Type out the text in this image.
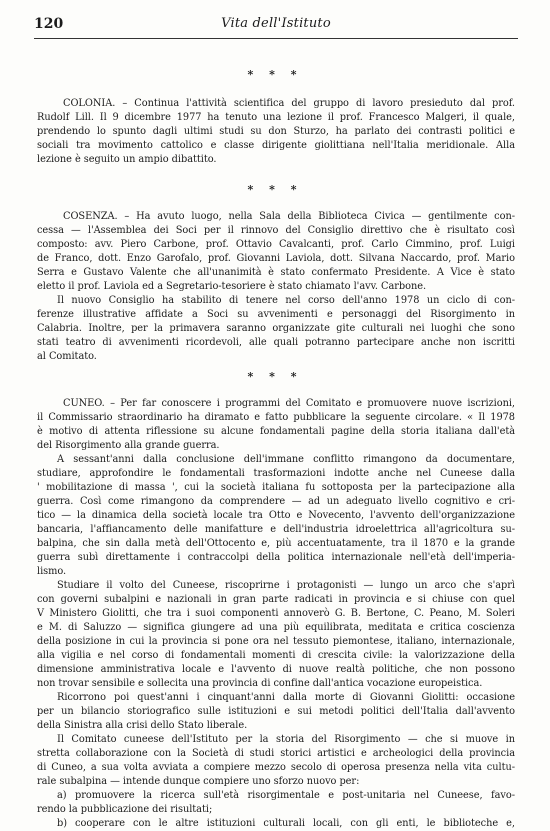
120	Vita dell'Istituto
* * *
COLONIA. – Continua l'attività scientifica del gruppo di lavoro presieduto dal prof.
Rudolf Lill. Il 9 dicembre 1977 ha tenuto una lezione il prof. Francesco Malgeri, il quale,
prendendo lo spunto dagli ultimi studi su don Sturzo, ha parlato dei contrasti politici e
sociali tra movimento cattolico e classe dirigente giolittiana nell'Italia meridionale. Alla
lezione è seguito un ampio dibattito.
* * *
COSENZA. – Ha avuto luogo, nella Sala della Biblioteca Civica — gentilmente con-
cessa — l'Assemblea dei Soci per il rinnovo del Consiglio direttivo che è risultato così
composto: avv. Piero Carbone, prof. Ottavio Cavalcanti, prof. Carlo Cimmino, prof. Luigi
de Franco, dott. Enzo Garofalo, prof. Giovanni Laviola, dott. Silvana Naccardo, prof. Mario
Serra e Gustavo Valente che all'unanimità è stato confermato Presidente. A Vice è stato
eletto il prof. Laviola ed a Segretario-tesoriere è stato chiamato l'avv. Carbone.
Il nuovo Consiglio ha stabilito di tenere nel corso dell'anno 1978 un ciclo di con-
ferenze illustrative affidate a Soci su avvenimenti e personaggi del Risorgimento in
Calabria. Inoltre, per la primavera saranno organizzate gite culturali nei luoghi che sono
stati teatro di avvenimenti ricordevoli, alle quali potranno partecipare anche non iscritti
al Comitato.
* * *
CUNEO. – Per far conoscere i programmi del Comitato e promuovere nuove iscrizioni,
il Commissario straordinario ha diramato e fatto pubblicare la seguente circolare. « Il 1978
è motivo di attenta riflessione su alcune fondamentali pagine della storia italiana dall'età
del Risorgimento alla grande guerra.
A sessant'anni dalla conclusione dell'immane conflitto rimangono da documentare,
studiare, approfondire le fondamentali trasformazioni indotte anche nel Cuneese dalla
' mobilitazione di massa ', cui la società italiana fu sottoposta per la partecipazione alla
guerra. Così come rimangono da comprendere — ad un adeguato livello cognitivo e cri-
tico — la dinamica della società locale tra Otto e Novecento, l'avvento dell'organizzazione
bancaria, l'affiancamento delle manifatture e dell'industria idroelettrica all'agricoltura su-
balpina, che sin dalla metà dell'Ottocento e, più accentuatamente, tra il 1870 e la grande
guerra subì direttamente i contraccolpi della politica internazionale nell'età dell'imperia-
lismo.
Studiare il volto del Cuneese, riscoprirne i protagonisti — lungo un arco che s'aprì
con governi subalpini e nazionali in gran parte radicati in provincia e si chiuse con quel
V Ministero Giolitti, che tra i suoi componenti annoverò G. B. Bertone, C. Peano, M. Soleri
e M. di Saluzzo — significa giungere ad una più equilibrata, meditata e critica coscienza
della posizione in cui la provincia si pone ora nel tessuto piemontese, italiano, internazionale,
alla vigilia e nel corso di fondamentali momenti di crescita civile: la valorizzazione della
dimensione amministrativa locale e l'avvento di nuove realtà politiche, che non possono
non trovar sensibile e sollecita una provincia di confine dall'antica vocazione europeistica.
Ricorrono poi quest'anni i cinquant'anni dalla morte di Giovanni Giolitti: occasione
per un bilancio storiografico sulle istituzioni e sui metodi politici dell'Italia dall'avvento
della Sinistra alla crisi dello Stato liberale.
Il Comitato cuneese dell'Istituto per la storia del Risorgimento — che si muove in
stretta collaborazione con la Società di studi storici artistici e archeologici della provincia
di Cuneo, a sua volta avviata a compiere mezzo secolo di operosa presenza nella vita cultu-
rale subalpina — intende dunque compiere uno sforzo nuovo per:
a) promuovere la ricerca sull'età risorgimentale e post-unitaria nel Cuneese, favo-
rendo la pubblicazione dei risultati;
b) cooperare con le altre istituzioni culturali locali, con gli enti, le biblioteche e,
